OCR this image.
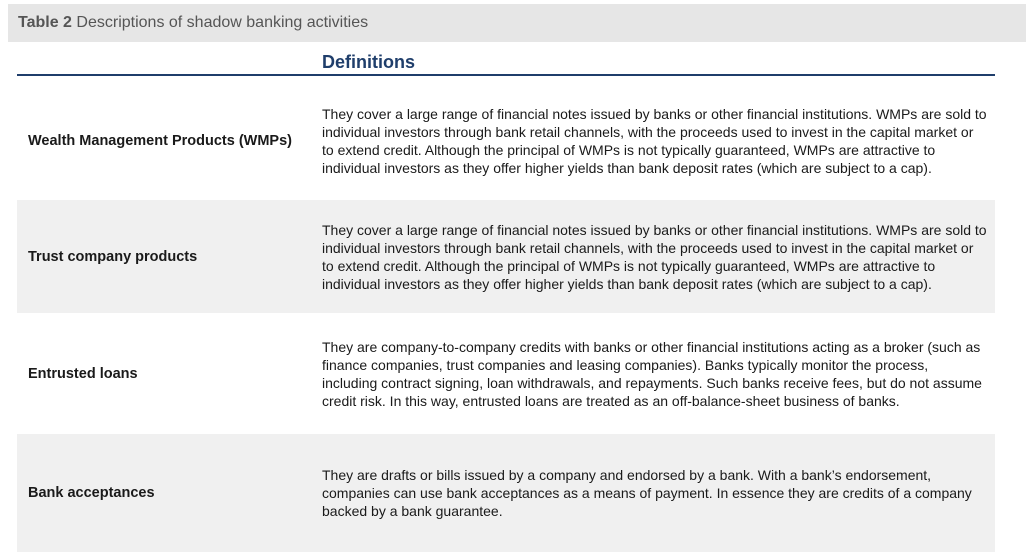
Table 2 Descriptions of shadow banking activities
Definitions
Wealth Management Products (WMPs)
They cover a large range of financial notes issued by banks or other financial institutions. WMPs are sold to individual investors through bank retail channels, with the proceeds used to invest in the capital market or to extend credit. Although the principal of WMPs is not typically guaranteed, WMPs are attractive to individual investors as they offer higher yields than bank deposit rates (which are subject to a cap).
Trust company products
They cover a large range of financial notes issued by banks or other financial institutions. WMPs are sold to individual investors through bank retail channels, with the proceeds used to invest in the capital market or to extend credit. Although the principal of WMPs is not typically guaranteed, WMPs are attractive to individual investors as they offer higher yields than bank deposit rates (which are subject to a cap).
Entrusted loans
They are company-to-company credits with banks or other financial institutions acting as a broker (such as finance companies, trust companies and leasing companies). Banks typically monitor the process, including contract signing, loan withdrawals, and repayments. Such banks receive fees, but do not assume credit risk. In this way, entrusted loans are treated as an off-balance-sheet business of banks.
Bank acceptances
They are drafts or bills issued by a company and endorsed by a bank. With a bank’s endorsement, companies can use bank acceptances as a means of payment. In essence they are credits of a company backed by a bank guarantee.
